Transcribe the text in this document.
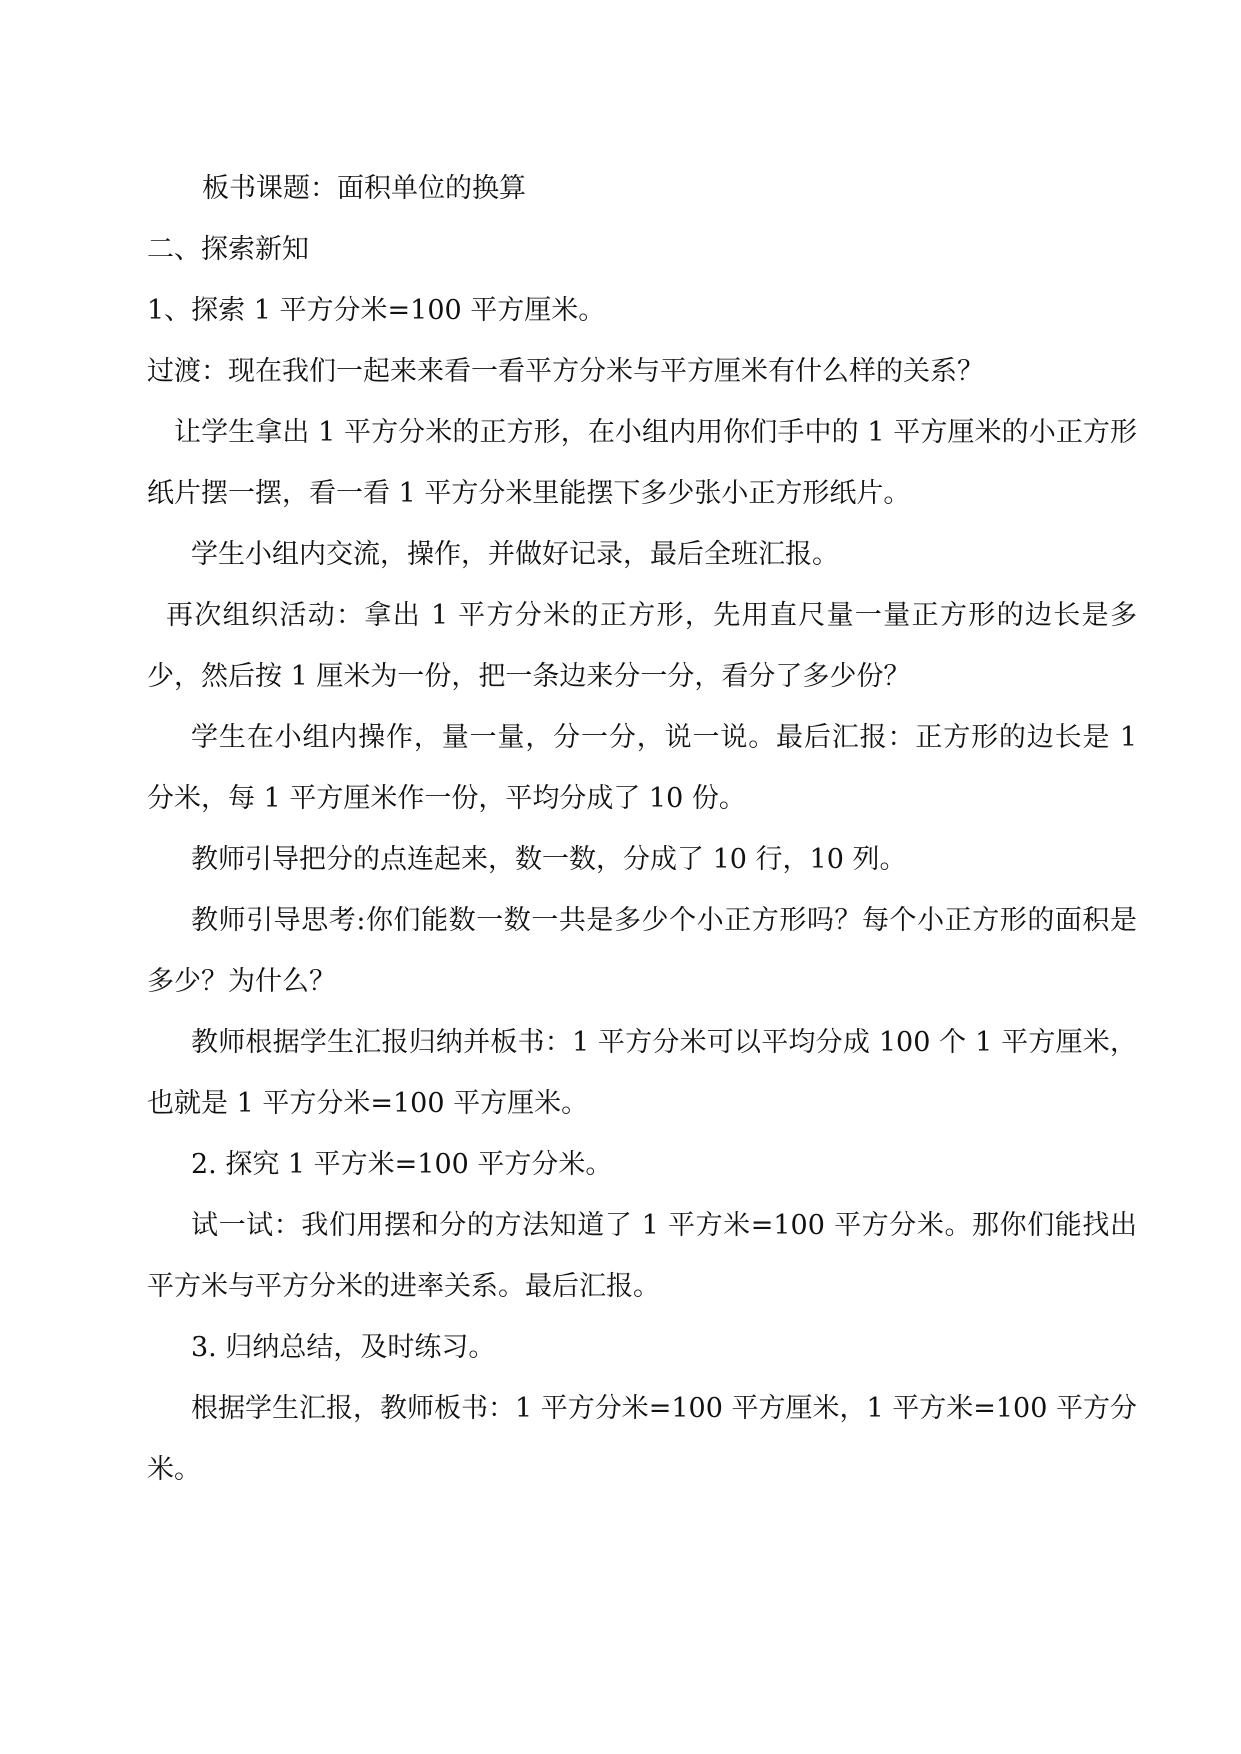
板书课题：面积单位的换算

二、探索新知

1、探索 1 平方分米=100 平方厘米。

过渡：现在我们一起来来看一看平方分米与平方厘米有什么样的关系？

让学生拿出 1 平方分米的正方形，在小组内用你们手中的 1 平方厘米的小正方形纸片摆一摆，看一看 1 平方分米里能摆下多少张小正方形纸片。

学生小组内交流，操作，并做好记录，最后全班汇报。

再次组织活动：拿出 1 平方分米的正方形，先用直尺量一量正方形的边长是多少，然后按 1 厘米为一份，把一条边来分一分，看分了多少份？

学生在小组内操作，量一量，分一分，说一说。最后汇报：正方形的边长是 1 分米，每 1 平方厘米作一份，平均分成了 10 份。

教师引导把分的点连起来，数一数，分成了 10 行，10 列。

教师引导思考:你们能数一数一共是多少个小正方形吗？每个小正方形的面积是多少？为什么？

教师根据学生汇报归纳并板书：1 平方分米可以平均分成 100 个 1 平方厘米，也就是 1 平方分米=100 平方厘米。

2. 探究 1 平方米=100 平方分米。

试一试：我们用摆和分的方法知道了 1 平方米=100 平方分米。那你们能找出平方米与平方分米的进率关系。最后汇报。

3. 归纳总结，及时练习。

根据学生汇报，教师板书：1 平方分米=100 平方厘米，1 平方米=100 平方分米。
